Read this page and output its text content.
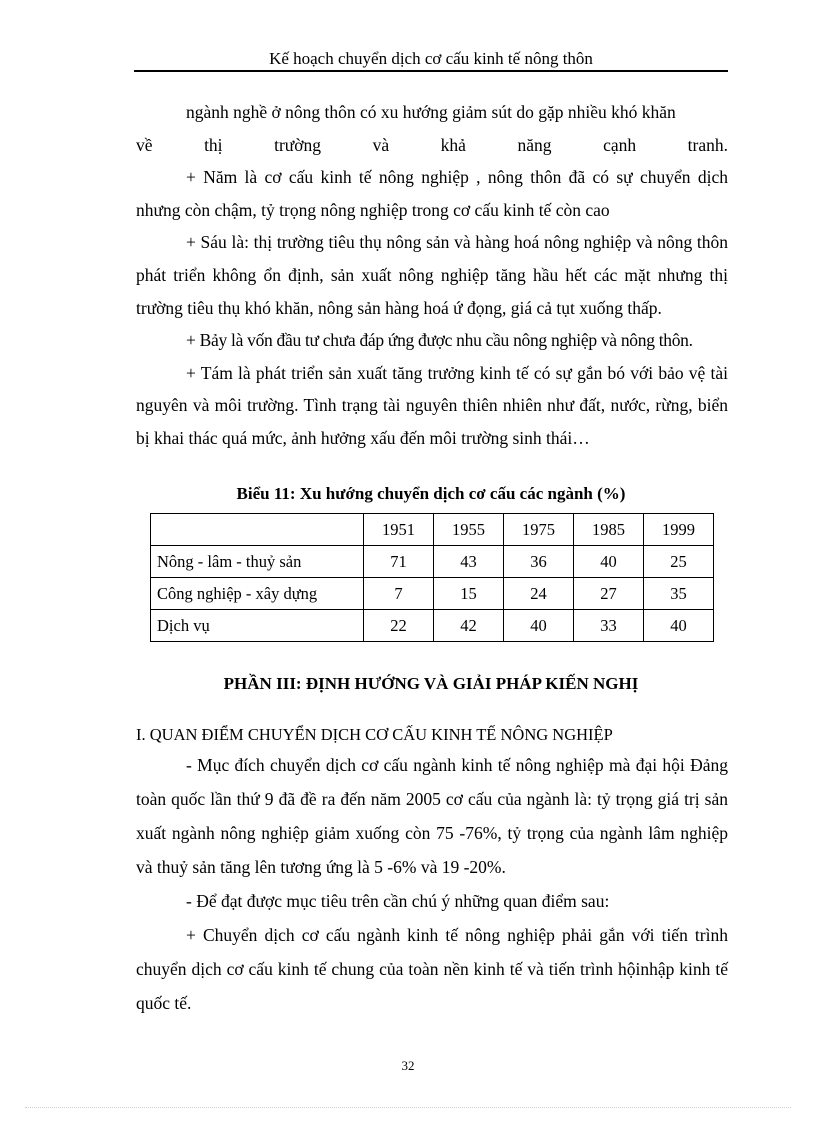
Kế hoạch chuyển dịch cơ cấu kinh tế nông thôn

ngành nghề ở nông thôn có xu hướng giảm sút do gặp nhiều khó khăn

về thị trường và khả năng cạnh tranh.

+ Năm là cơ cấu kinh tế nông nghiệp , nông thôn đã có sự chuyển dịch nhưng còn chậm, tỷ trọng nông nghiệp trong cơ cấu kinh tế còn cao

+ Sáu là: thị trường tiêu thụ nông sản và hàng hoá nông nghiệp và nông thôn phát triển không ổn định, sản xuất nông nghiệp tăng hầu hết các mặt nhưng thị trường tiêu thụ khó khăn, nông sản hàng hoá ứ đọng, giá cả tụt xuống thấp.

+ Bảy là vốn đầu tư chưa đáp ứng được nhu cầu nông nghiệp và nông thôn.

+ Tám là phát triển sản xuất tăng trưởng kinh tế có sự gắn bó với bảo vệ tài nguyên và môi trường. Tình trạng tài nguyên thiên nhiên như đất, nước, rừng, biển bị khai thác quá mức, ảnh hưởng xấu đến môi trường sinh thái…

Biểu 11: Xu hướng chuyển dịch cơ cấu các ngành (%)
	1951	1955	1975	1985	1999
Nông - lâm - thuỷ sản	71	43	36	40	25
Công nghiệp - xây dựng	7	15	24	27	35
Dịch vụ	22	42	40	33	40
PHẦN III: ĐỊNH HƯỚNG VÀ GIẢI PHÁP KIẾN NGHỊ
I. QUAN ĐIỂM CHUYỂN DỊCH CƠ CẤU KINH TẾ NÔNG NGHIỆP

- Mục đích chuyển dịch cơ cấu ngành kinh tế nông nghiệp mà đại hội Đảng toàn quốc lần thứ 9 đã đề ra đến năm 2005 cơ cấu của ngành là: tỷ trọng giá trị sản xuất ngành nông nghiệp giảm xuống còn 75 -76%, tỷ trọng của ngành lâm nghiệp và thuỷ sản tăng lên tương ứng là 5 -6% và 19 -20%.

- Để đạt được mục tiêu trên cần chú ý những quan điểm sau:

+ Chuyển dịch cơ cấu ngành kinh tế nông nghiệp phải gắn với tiến trình chuyển dịch cơ cấu kinh tế chung của toàn nền kinh tế và tiến trình hộinhập kinh tế quốc tế.

32
